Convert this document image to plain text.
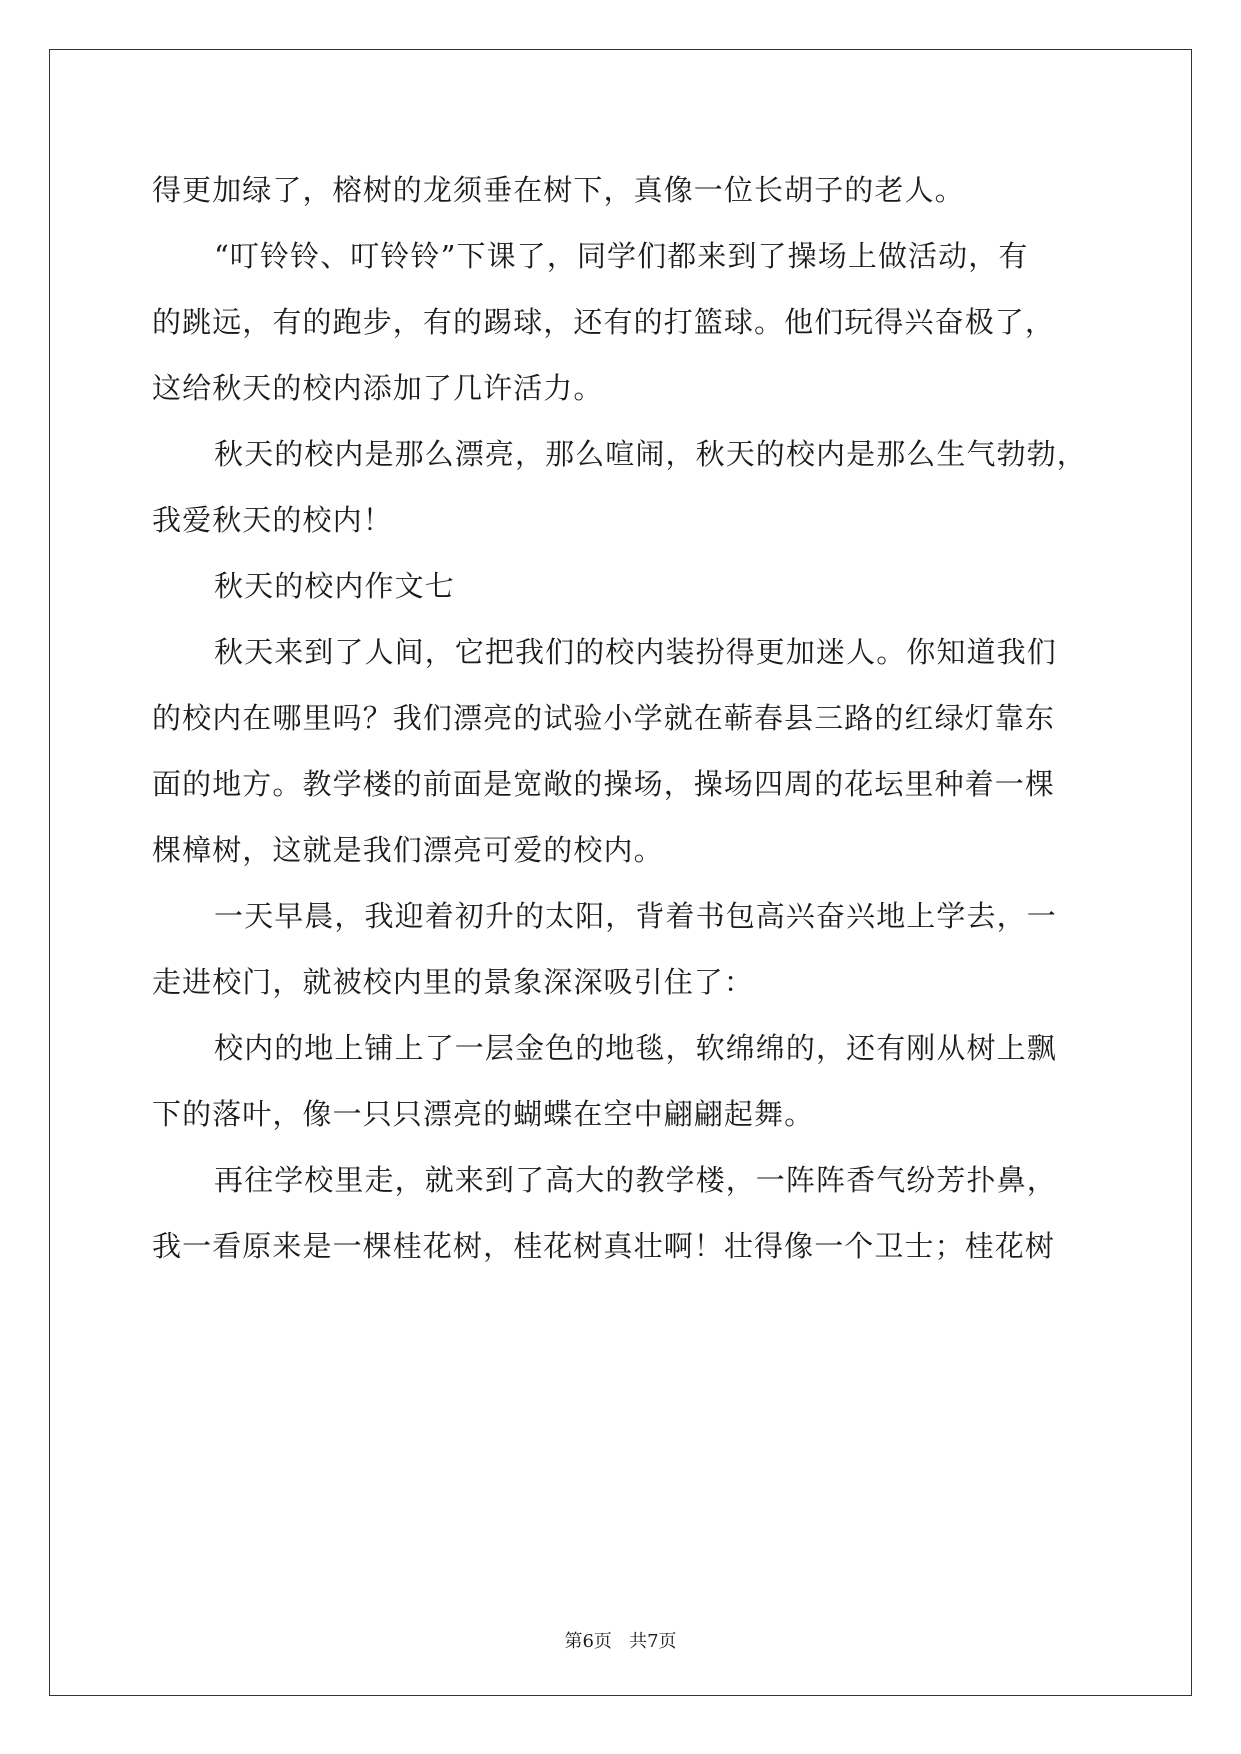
得更加绿了，榕树的龙须垂在树下，真像一位长胡子的老人。
“叮铃铃、叮铃铃”下课了，同学们都来到了操场上做活动，有
的跳远，有的跑步，有的踢球，还有的打篮球。他们玩得兴奋极了，
这给秋天的校内添加了几许活力。
秋天的校内是那么漂亮，那么喧闹，秋天的校内是那么生气勃勃，
我爱秋天的校内！
秋天的校内作文七
秋天来到了人间，它把我们的校内装扮得更加迷人。你知道我们
的校内在哪里吗？我们漂亮的试验小学就在蕲春县三路的红绿灯靠东
面的地方。教学楼的前面是宽敞的操场，操场四周的花坛里种着一棵
棵樟树，这就是我们漂亮可爱的校内。
一天早晨，我迎着初升的太阳，背着书包高兴奋兴地上学去，一
走进校门，就被校内里的景象深深吸引住了：
校内的地上铺上了一层金色的地毯，软绵绵的，还有刚从树上飘
下的落叶，像一只只漂亮的蝴蝶在空中翩翩起舞。
再往学校里走，就来到了高大的教学楼，一阵阵香气纷芳扑鼻，
我一看原来是一棵桂花树，桂花树真壮啊！壮得像一个卫士；桂花树
第6页 共7页
